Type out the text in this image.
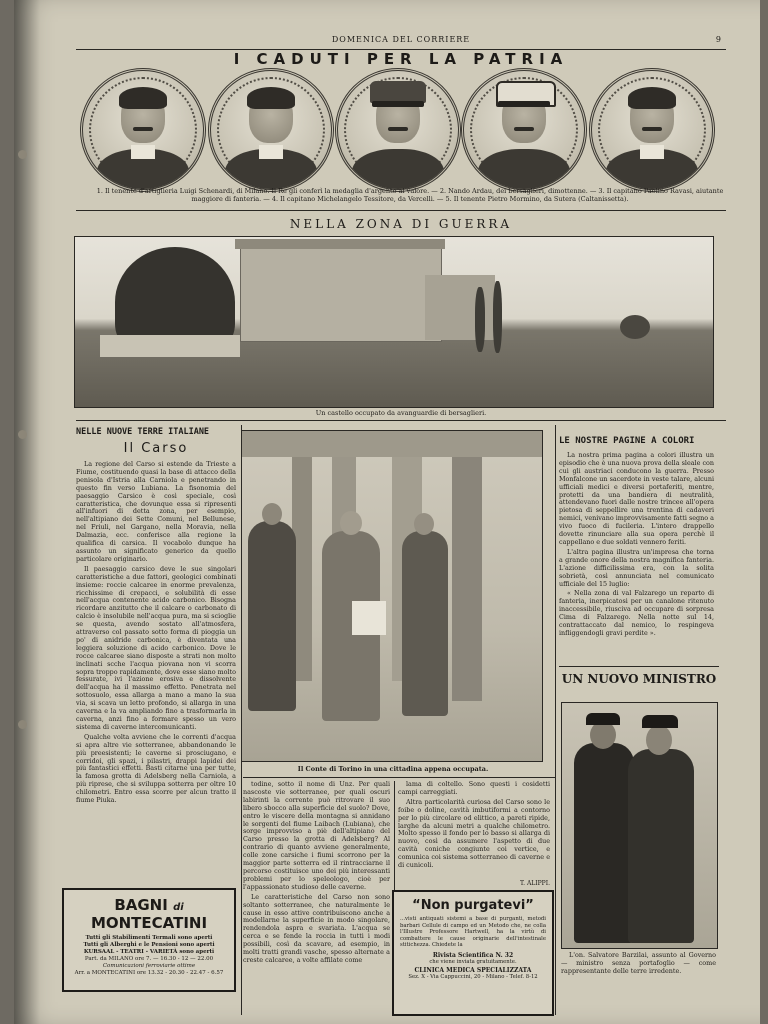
DOMENICA DEL CORRIERE	9
I CADUTI PER LA PATRIA
1. Il tenente d'artiglieria Luigi Schenardi, di Milano. Il Re gli conferì la medaglia d'argento al valore. — 2. Nando Ardau, dei bersaglieri, dimottenne. — 3. Il capitano Paolino Ravasi, aiutante maggiore di fanteria. — 4. Il capitano Michelangelo Tessitore, da Vercelli. — 5. Il tenente Pietro Mormino, da Sutera (Caltanissetta).
NELLA ZONA DI GUERRA
Un castello occupato da avanguardie di bersaglieri.
NELLE NUOVE TERRE ITALIANE
Il Carso

La regione del Carso si estende da Trieste a Fiume, costituendo quasi la base di attacco della penisola d'Istria alla Carniola e penetrando in questo fin verso Lubiana. La fisonomia del paesaggio Carsico è così speciale, così caratteristica, che dovunque essa si ripresenti all'infuori di detta zona, per esempio, nell'altipiano dei Sette Comuni, nel Bellunese, nel Friuli, nel Gargano, nella Moravia, nella Dalmazia, ecc. conferisce alla regione la qualifica di carsica. Il vocabolo dunque ha assunto un significato generico da quello particolare originario.

Il paesaggio carsico deve le sue singolari caratteristiche a due fattori, geologici combinati insieme: roccie calcaree in enorme prevalenza, ricchissime di crepacci, e solubilità di esse nell'acqua contenente acido carbonico. Bisogna ricordare anzitutto che il calcare o carbonato di calcio è insolubile nell'acqua pura, ma si scioglie se questa, avendo sostato all'atmosfera, attraverso col passato sotto forma di pioggia un po' di anidride carbonica, è diventata una leggiera soluzione di acido carbonico. Dove le rocce calcaree siano disposte a strati non molto inclinati scche l'acqua piovana non vi scorra sopra troppo rapidamente, dove esse siano molto fessurate, ivi l'azione erosiva e dissolvente dell'acqua ha il massimo effetto. Penetrata nel sottosuolo, essa allarga a mano a mano la sua via, si scava un letto profondo, si allarga in una caverna e la va ampliando fino a trasformarla in caverna, anzi fino a formare spesso un vero sistema di caverne intercomunicanti.

Qualche volta avviene che le correnti d'acqua si apra altre vie sotterranee, abbandonando le più preesistenti; le caverne si prosciugano, e corridoi, gli spazi, i pilastri, drappi lapidei dei più fantastici effetti. Basti citarne una per tutte, la famosa grotta di Adelsberg nella Carniola, a più riprese, che si sviluppa sotterra per oltre 10 chilometri. Entro essa scorre per alcun tratto il fiume Piuka.

Il Conte di Torino in una cittadina appena occupata.

todine, sotto il nome di Unz. Per quali nascoste vie sotterranee, per quali oscuri labirinti la corrente può ritrovare il suo libero sbocco alla superficie del suolo? Dove, entro le viscere della montagna si annidano le sorgenti del fiume Laibach (Lubiana), che sorge improvviso a piè dell'altipiano del Carso presso la grotta di Adelsberg? Al contrario di quanto avviene generalmente, colle zone carsiche i fiumi scorrono per la maggior parte sotterra ed il rintracciarne il percorso costituisce uno dei più interessanti problemi per lo speleologo, cioè per l'appassionato studioso delle caverne.

Le caratteristiche del Carso non sono soltanto sotterranee, che naturalmente le cause in esso attive contribuiscono anche a modellarne la superficie in modo singolare, rendendola aspra e svariata. L'acqua se cerca e se fende la roccia in tutti i modi possibili, così da scavare, ad esempio, in molti tratti grandi vasche, spesso alternate a creste calcaree, a volte affilate come

lama di coltello. Sono questi i cosidetti campi carreggiati.

Altra particolarità curiosa del Carso sono le foibe o doline, cavità imbutiformi a contorno per lo più circolare od elittico, a pareti ripide, larghe da alcuni metri a qualche chilometro. Molto spesso il fondo per lo basso si allarga di nuovo, così da assumere l'aspetto di due cavità coniche congiunte coi vertice, e comunica coi sistema sotterraneo di caverne e di cunicoli.

T. ALIPPI.
BAGNI di MONTECATINI
Tutti gli Stabilimenti Termali sono aperti
Tutti gli Alberghi e le Pensioni sono aperti
KURSAAL - TEATRI - VARIETÀ sono aperti
Part. da MILANO ore 7. — 16.30 - 12 — 22.00
Comunicazioni ferroviarie ottime
Arr. a MONTECATINI ore 13.32 - 20.30 - 22.47 - 6.57
“Non purgatevi”
...visti antiquati sistemi a base di purganti, metodi barbari Cellule di campo ed un Metodo che, ne colla l'Illustre Professore Hartwell, ha la virtù di combattere le cause originarie dell'intestinale stitichezza. Chiedete la
Rivista Scientifica N. 32
che viene inviata gratuitamente.
CLINICA MEDICA SPECIALIZZATA
Sez. X - Via Cappuccini, 20 - Milano - Telef. 8-12
LE NOSTRE PAGINE A COLORI

La nostra prima pagina a colori illustra un episodio che è una nuova prova della sleale con cui gli austriaci conducono la guerra. Presso Monfalcone un sacerdote in veste talare, alcuni ufficiali medici e diversi portaferiti, mentre, protetti da una bandiera di neutralità, attendevano fuori dalle nostre trincee all'opera pietosa di seppellire una trentina di cadaveri nemici, venivano improvvisamente fatti segno a vivo fuoco di fucileria. L'intero drappello dovette rinunciare alla sua opera perchè il cappellano e due soldati vennero feriti.

L'altra pagina illustra un'impresa che torna a grande onore della nostra magnifica fanteria. L'azione difficilissima era, con la solita sobrietà, così annunciata nel comunicato ufficiale del 15 luglio:

« Nella zona di val Falzarego un reparto di fanteria, inerpicatosi per un canalone ritenuto inaccessibile, riusciva ad occupare di sorpresa Cima di Falzarego. Nella notte sul 14, contrattaccato dal nemico, lo respingeva infliggendogli gravi perdite ».

UN NUOVO MINISTRO

L'on. Salvatore Barzilai, assunto al Governo — ministro senza portafoglio — come rappresentante delle terre irredente.
